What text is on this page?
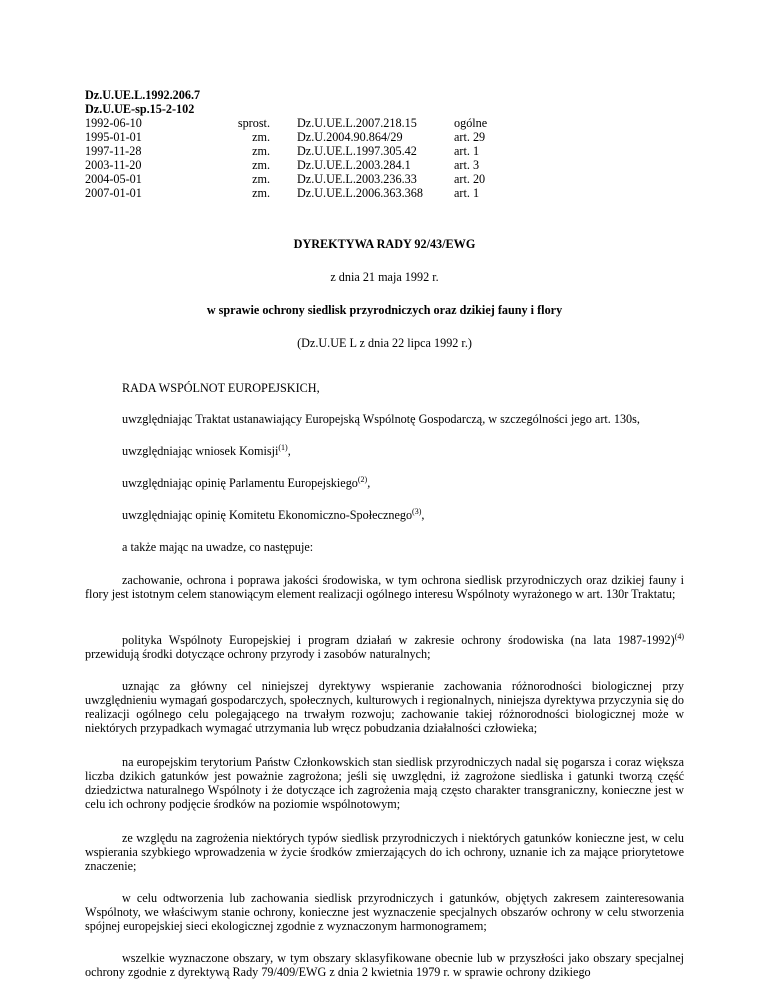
Dz.U.UE.L.1992.206.7
Dz.U.UE-sp.15-2-102
1992-06-10	sprost.		Dz.U.UE.L.2007.218.15	ogólne
1995-01-01	zm.		Dz.U.2004.90.864/29	art. 29
1997-11-28	zm.		Dz.U.UE.L.1997.305.42	art. 1
2003-11-20	zm.		Dz.U.UE.L.2003.284.1	art. 3
2004-05-01	zm.		Dz.U.UE.L.2003.236.33	art. 20
2007-01-01	zm.		Dz.U.UE.L.2006.363.368	art. 1
DYREKTYWA RADY 92/43/EWG
z dnia 21 maja 1992 r.
w sprawie ochrony siedlisk przyrodniczych oraz dzikiej fauny i flory
(Dz.U.UE L z dnia 22 lipca 1992 r.)
RADA WSPÓLNOT EUROPEJSKICH,
uwzględniając Traktat ustanawiający Europejską Wspólnotę Gospodarczą, w szczególności jego art. 130s,
uwzględniając wniosek Komisji$^{(1)}$,
uwzględniając opinię Parlamentu Europejskiego$^{(2)}$,
uwzględniając opinię Komitetu Ekonomiczno-Społecznego$^{(3)}$,
a także mając na uwadze, co następuje:
zachowanie, ochrona i poprawa jakości środowiska, w tym ochrona siedlisk przyrodniczych oraz dzikiej fauny i flory jest istotnym celem stanowiącym element realizacji ogólnego interesu Wspólnoty wyrażonego w art. 130r Traktatu;
polityka Wspólnoty Europejskiej i program działań w zakresie ochrony środowiska (na lata 1987-1992)$^{(4)}$ przewidują środki dotyczące ochrony przyrody i zasobów naturalnych;
uznając za główny cel niniejszej dyrektywy wspieranie zachowania różnorodności biologicznej przy uwzględnieniu wymagań gospodarczych, społecznych, kulturowych i regionalnych, niniejsza dyrektywa przyczynia się do realizacji ogólnego celu polegającego na trwałym rozwoju; zachowanie takiej różnorodności biologicznej może w niektórych przypadkach wymagać utrzymania lub wręcz pobudzania działalności człowieka;
na europejskim terytorium Państw Członkowskich stan siedlisk przyrodniczych nadal się pogarsza i coraz większa liczba dzikich gatunków jest poważnie zagrożona; jeśli się uwzględni, iż zagrożone siedliska i gatunki tworzą część dziedzictwa naturalnego Wspólnoty i że dotyczące ich zagrożenia mają często charakter transgraniczny, konieczne jest w celu ich ochrony podjęcie środków na poziomie wspólnotowym;
ze względu na zagrożenia niektórych typów siedlisk przyrodniczych i niektórych gatunków konieczne jest, w celu wspierania szybkiego wprowadzenia w życie środków zmierzających do ich ochrony, uznanie ich za mające priorytetowe znaczenie;
w celu odtworzenia lub zachowania siedlisk przyrodniczych i gatunków, objętych zakresem zainteresowania Wspólnoty, we właściwym stanie ochrony, konieczne jest wyznaczenie specjalnych obszarów ochrony w celu stworzenia spójnej europejskiej sieci ekologicznej zgodnie z wyznaczonym harmonogramem;
wszelkie wyznaczone obszary, w tym obszary sklasyfikowane obecnie lub w przyszłości jako obszary specjalnej ochrony zgodnie z dyrektywą Rady 79/409/EWG z dnia 2 kwietnia 1979 r. w sprawie ochrony dzikiego
